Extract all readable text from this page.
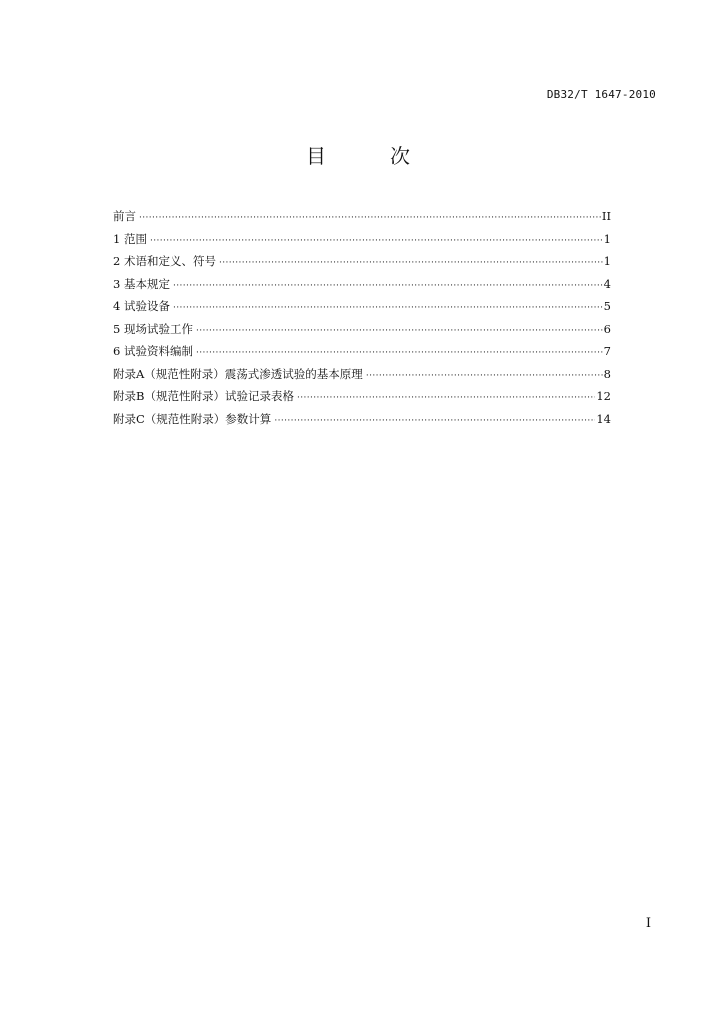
DB32/T 1647-2010
目　次
前言 ·····	II
1 范围 ·····	1
2 术语和定义、符号 ·····	1
3 基本规定 ·····	4
4 试验设备 ·····	5
5 现场试验工作 ·····	6
6 试验资料编制 ·····	7
附录A（规范性附录）震荡式渗透试验的基本原理 ·····	8
附录B（规范性附录）试验记录表格 ·····	12
附录C（规范性附录）参数计算 ·····	14
I
